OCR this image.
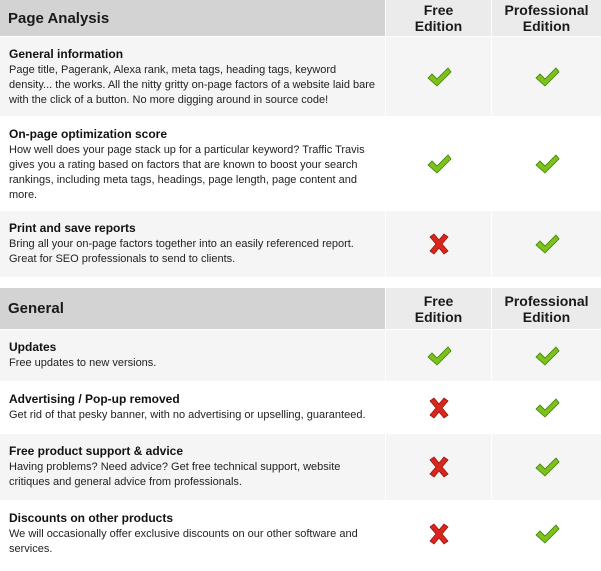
Page Analysis	Free
Edition
Professional
Edition
General information
Page title, Pagerank, Alexa rank, meta tags, heading tags, keyword density... the works. All the nitty gritty on-page factors of a website laid bare with the click of a button. No more digging around in source code!
On-page optimization score
How well does your page stack up for a particular keyword? Traffic Travis gives you a rating based on factors that are known to boost your search rankings, including meta tags, headings, page length, page content and more.
Print and save reports
Bring all your on-page factors together into an easily referenced report. Great for SEO professionals to send to clients.
General	Free
Edition
Professional
Edition
Updates
Free updates to new versions.
Advertising / Pop-up removed
Get rid of that pesky banner, with no advertising or upselling, guaranteed.
Free product support & advice
Having problems? Need advice? Get free technical support, website critiques and general advice from professionals.
Discounts on other products
We will occasionally offer exclusive discounts on our other software and services.
